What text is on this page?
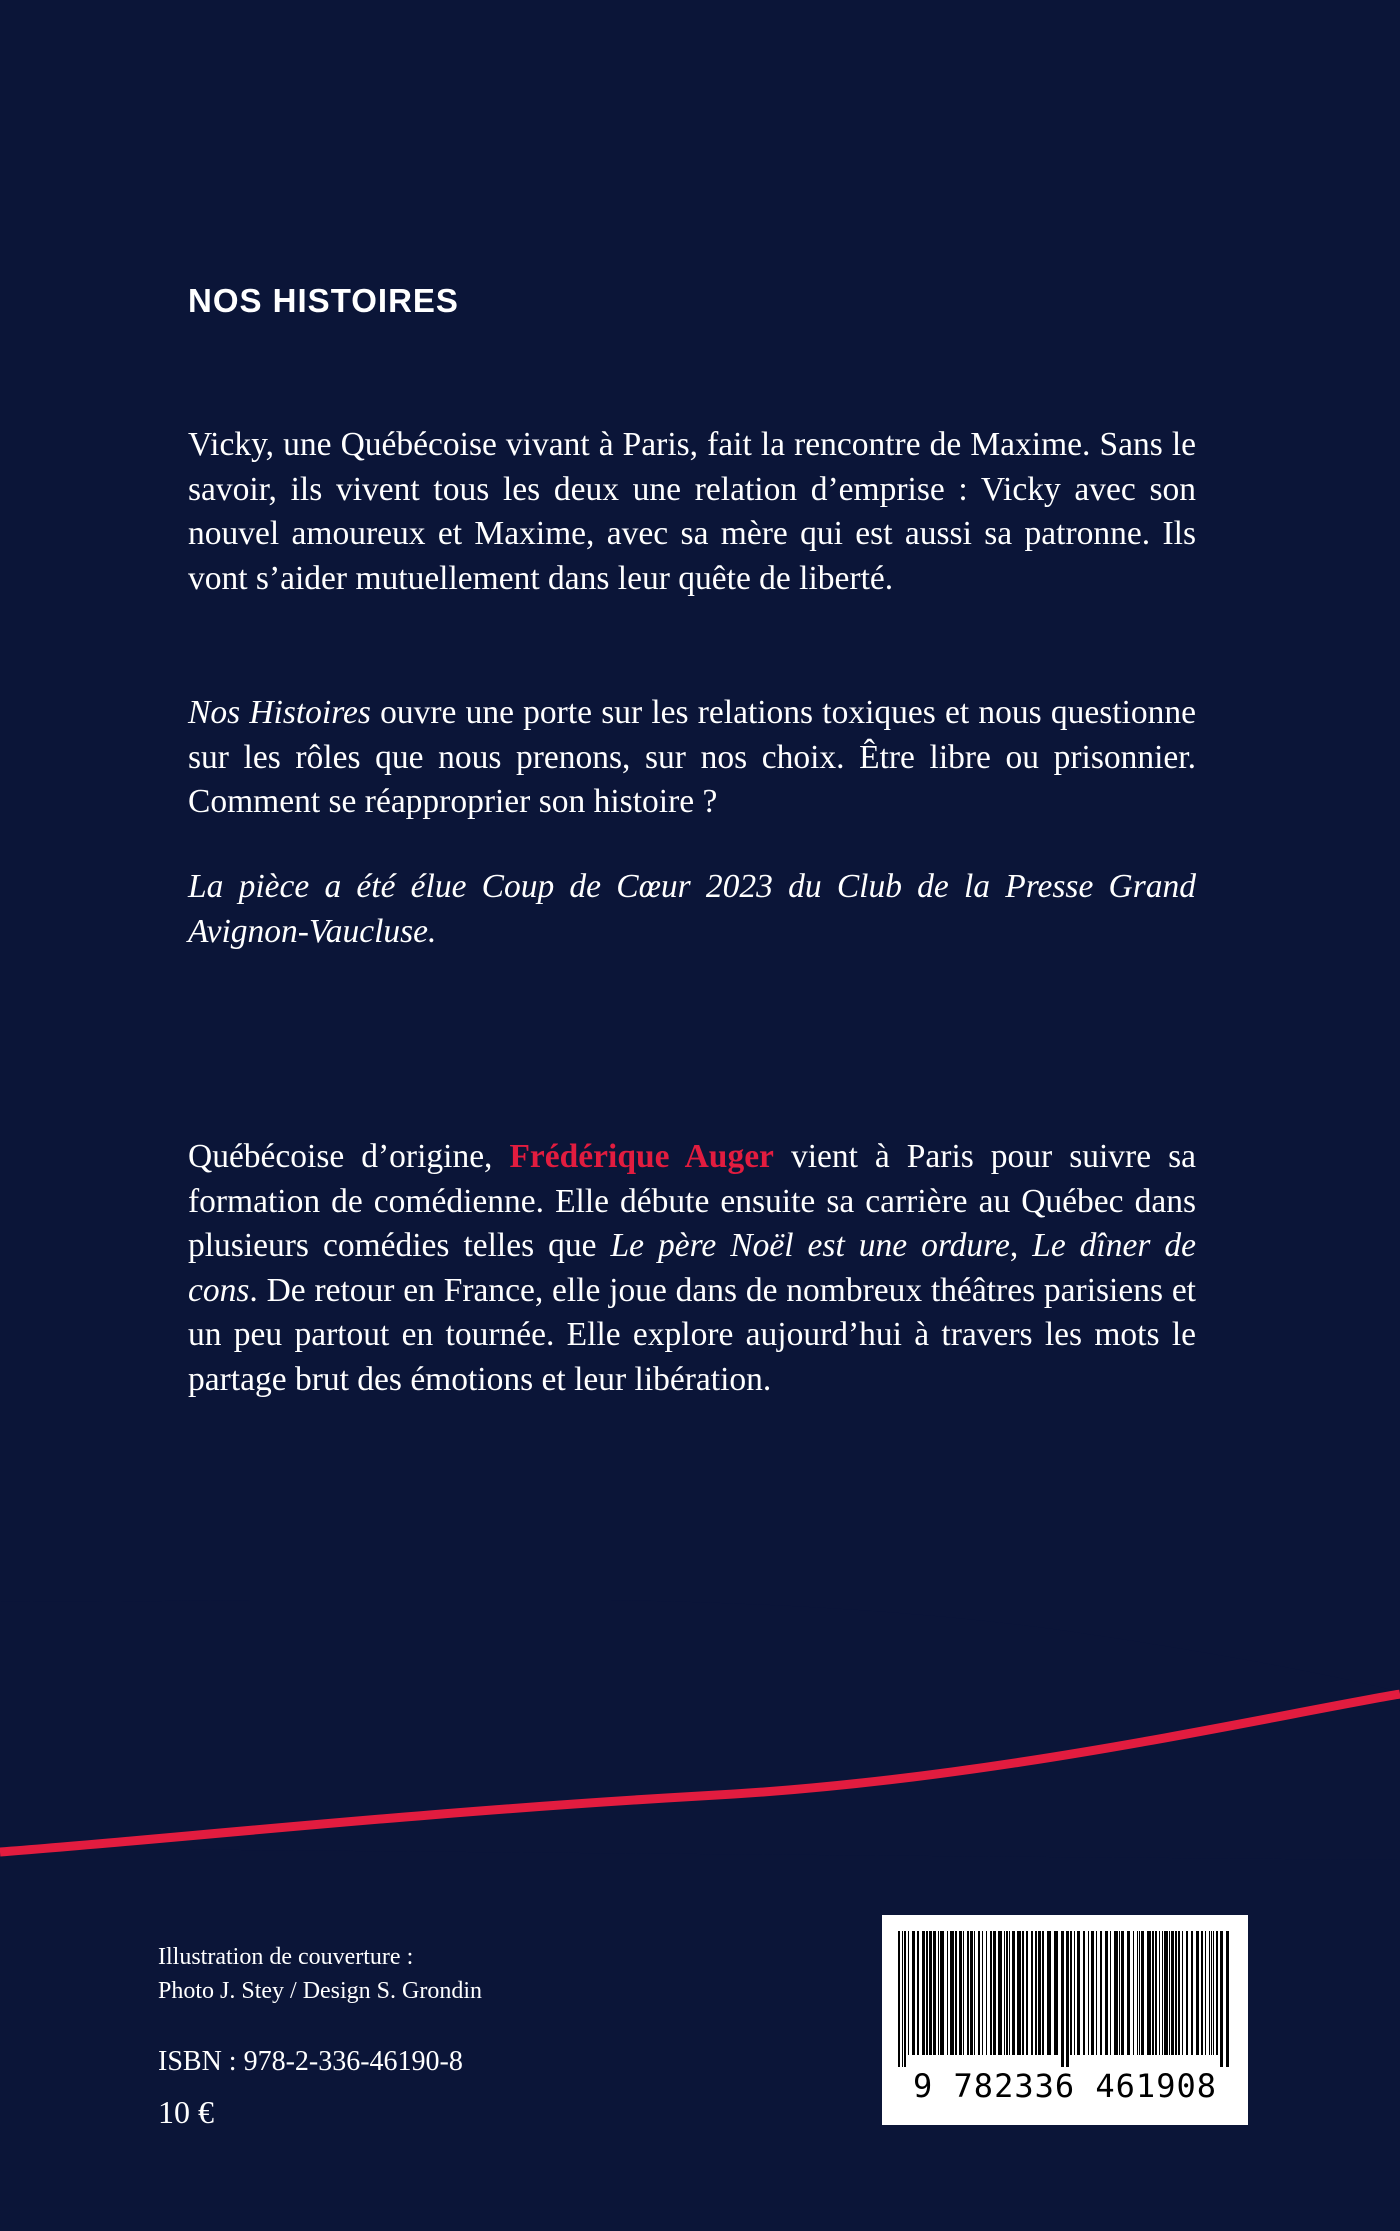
NOS HISTOIRES

Vicky, une Québécoise vivant à Paris, fait la rencontre de Maxime. Sans le savoir, ils vivent tous les deux une relation d’emprise : Vicky avec son nouvel amoureux et Maxime, avec sa mère qui est aussi sa patronne. Ils vont s’aider mutuellement dans leur quête de liberté.

Nos Histoires ouvre une porte sur les relations toxiques et nous questionne sur les rôles que nous prenons, sur nos choix. Être libre ou prisonnier. Comment se réapproprier son histoire ?

La pièce a été élue Coup de Cœur 2023 du Club de la Presse Grand Avignon-Vaucluse.

Québécoise d’origine, Frédérique Auger vient à Paris pour suivre sa formation de comédienne. Elle débute ensuite sa carrière au Québec dans plusieurs comédies telles que Le père Noël est une ordure, Le dîner de cons. De retour en France, elle joue dans de nombreux théâtres parisiens et un peu partout en tournée. Elle explore aujourd’hui à travers les mots le partage brut des émotions et leur libération.

Illustration de couverture :
Photo J. Stey / Design S. Grondin
ISBN : 978-2-336-46190-8
10 €
9 782336 461908
